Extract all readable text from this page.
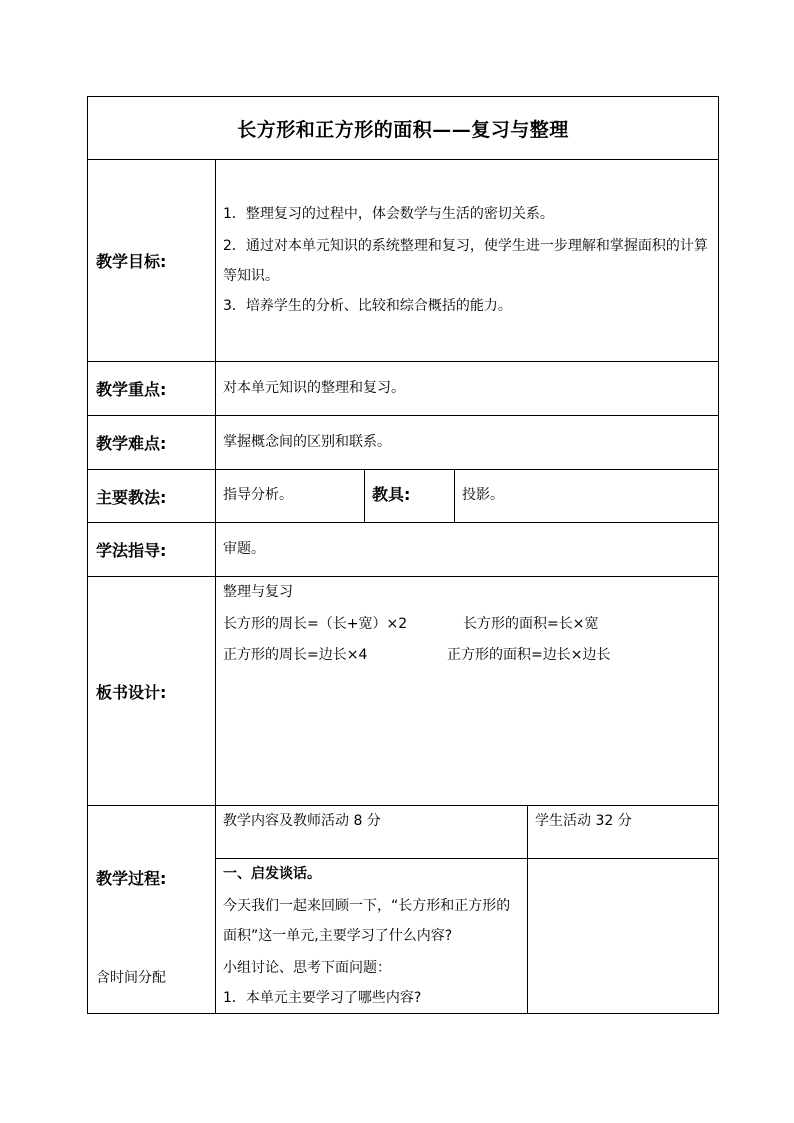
长方形和正方形的面积——复习与整理
教学目标:
1．整理复习的过程中，体会数学与生活的密切关系。
2．通过对本单元知识的系统整理和复习，使学生进一步理解和掌握面积的计算等知识。
3．培养学生的分析、比较和综合概括的能力。
教学重点:	对本单元知识的整理和复习。
教学难点:	掌握概念间的区别和联系。
主要教法:	指导分析。	教具:	投影。
学法指导:	审题。
板书设计:
整理与复习
长方形的周长=（长+宽）×2	长方形的面积=长×宽
正方形的周长=边长×4	正方形的面积=边长×边长
教学过程:
含时间分配
教学内容及教师活动 8 分	学生活动 32 分
一、启发谈话。
今天我们一起来回顾一下，“长方形和正方形的面积”这一单元,主要学习了什么内容?
小组讨论、思考下面问题：
1．本单元主要学习了哪些内容?
